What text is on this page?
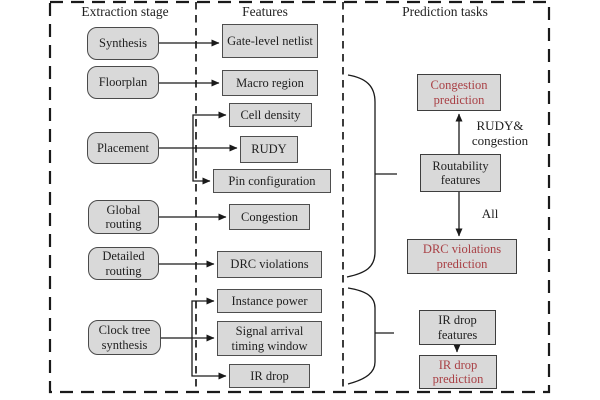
Extraction stage	Features	Prediction tasks
Synthesis
Floorplan
Placement
Global routing
Detailed routing
Clock tree synthesis
Gate-level netlist
Macro region
Cell density
RUDY
Pin configuration
Congestion
DRC violations
Instance power
Signal arrival timing window
IR drop
Congestion prediction
Routability features
DRC violations prediction
IR drop features
IR drop prediction
RUDY& congestion
All
